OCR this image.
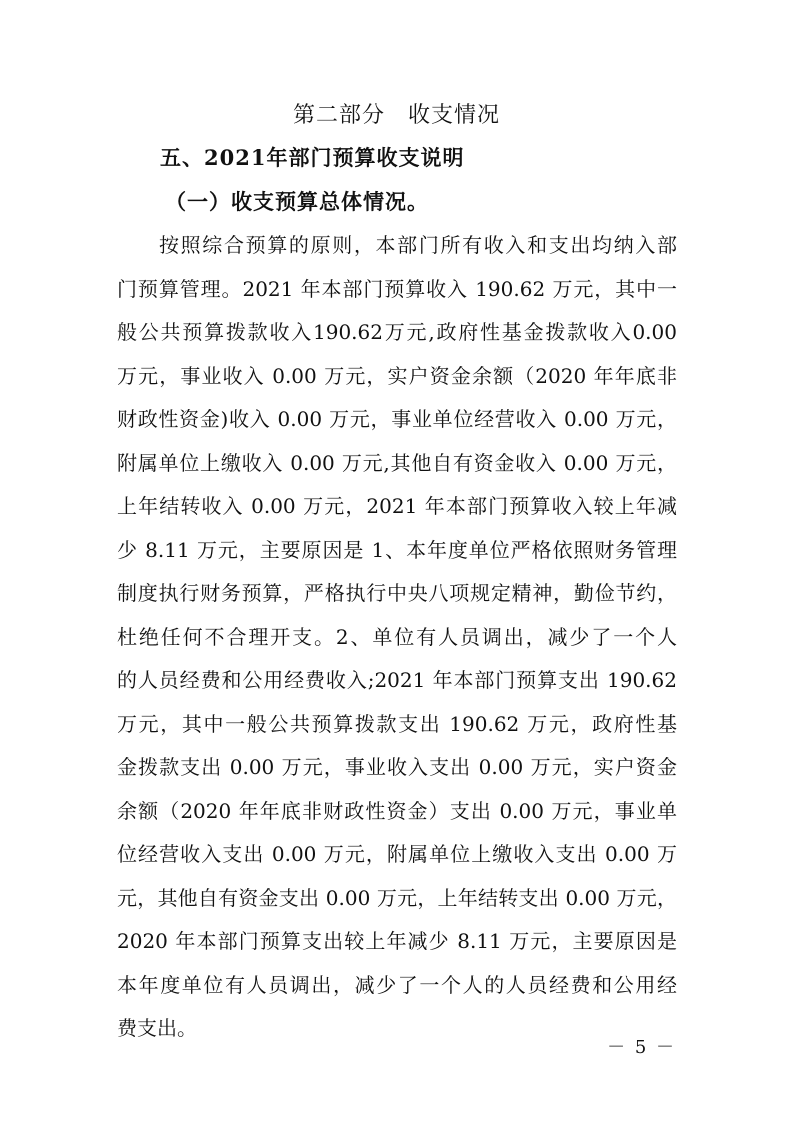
第二部分　收支情况
五、2021年部门预算收支说明
（一）收支预算总体情况。
按照综合预算的原则，本部门所有收入和支出均纳入部
门预算管理。2021 年本部门预算收入 190.62 万元，其中一
般公共预算拨款收入190.62万元,政府性基金拨款收入0.00
万元，事业收入 0.00 万元，实户资金余额（2020 年年底非
财政性资金)收入 0.00 万元，事业单位经营收入 0.00 万元，
附属单位上缴收入 0.00 万元,其他自有资金收入 0.00 万元，
上年结转收入 0.00 万元，2021 年本部门预算收入较上年减
少 8.11 万元，主要原因是 1、本年度单位严格依照财务管理
制度执行财务预算，严格执行中央八项规定精神，勤俭节约，
杜绝任何不合理开支。2、单位有人员调出，减少了一个人
的人员经费和公用经费收入;2021 年本部门预算支出 190.62
万元，其中一般公共预算拨款支出 190.62 万元，政府性基
金拨款支出 0.00 万元，事业收入支出 0.00 万元，实户资金
余额（2020 年年底非财政性资金）支出 0.00 万元，事业单
位经营收入支出 0.00 万元，附属单位上缴收入支出 0.00 万
元，其他自有资金支出 0.00 万元，上年结转支出 0.00 万元，
2020 年本部门预算支出较上年减少 8.11 万元，主要原因是
本年度单位有人员调出，减少了一个人的人员经费和公用经
费支出。
－ 5 －
